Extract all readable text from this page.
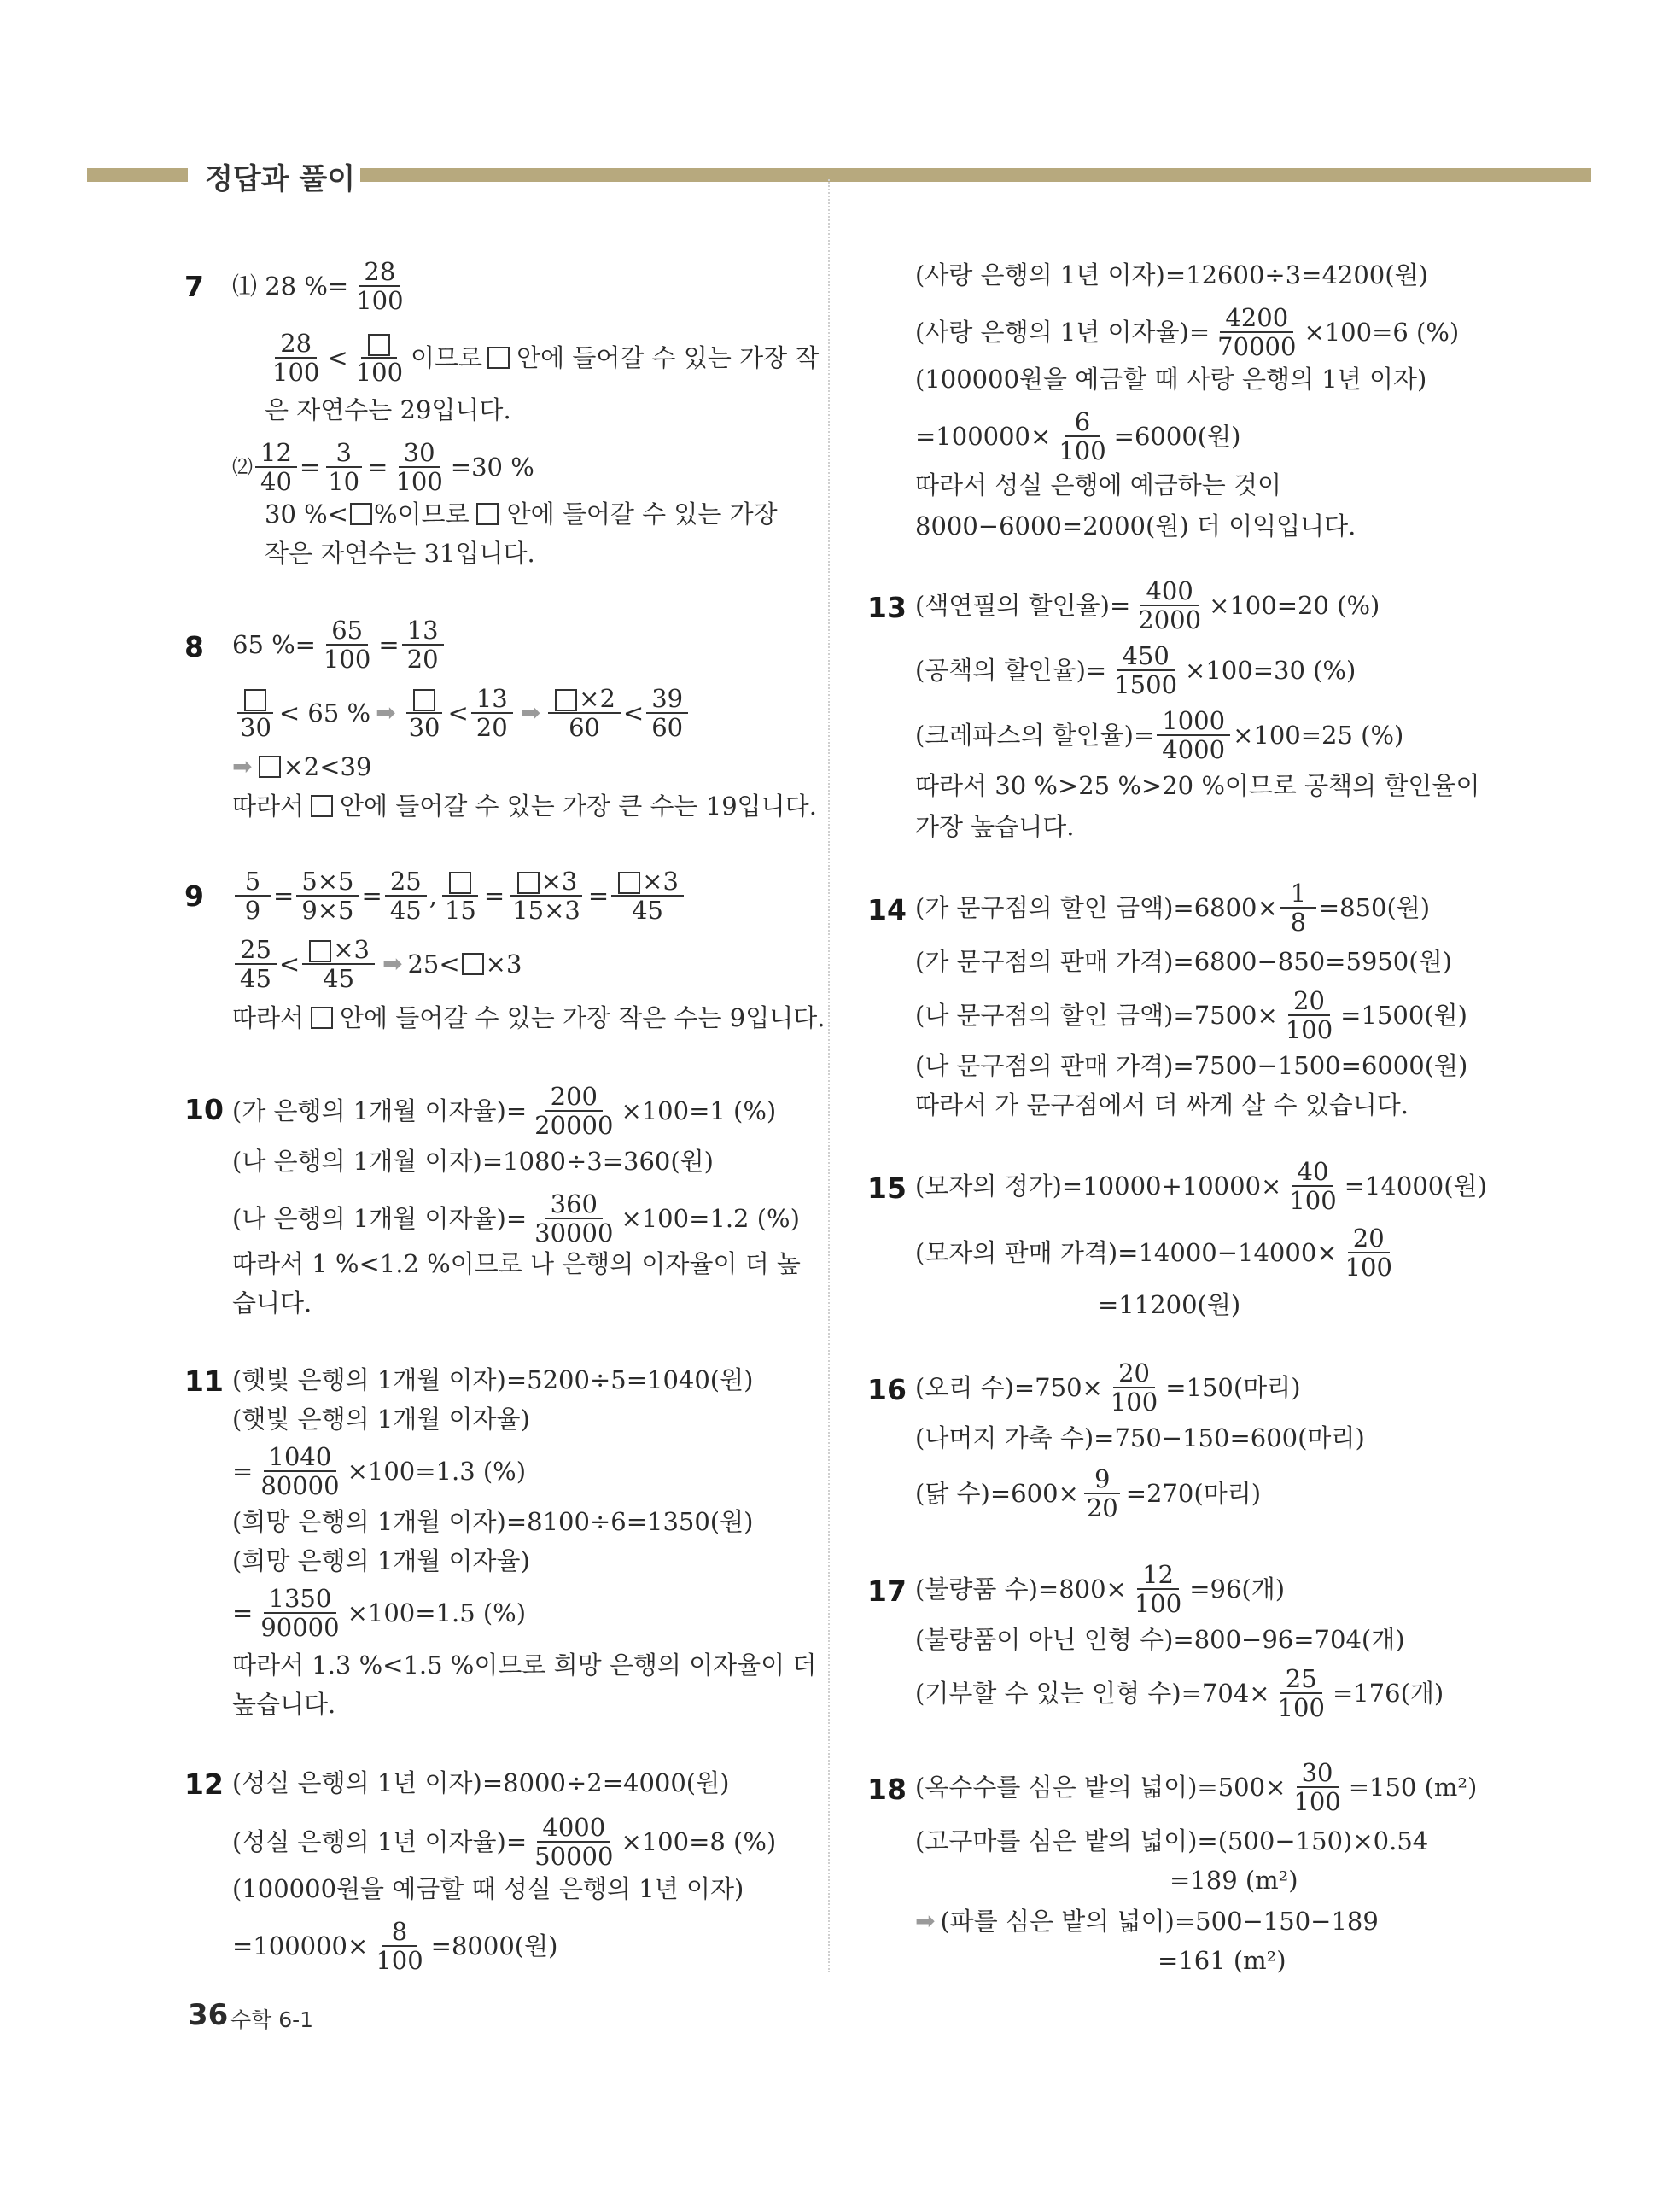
정답과 풀이
7 ⑴ 28 %= $\frac{28}{100}$
$\frac{28}{100} < 100$ 이므로 안에 들어갈 수 있는 가장 작
은 자연수는 29입니다.
⑵ $\frac{12}{40} = \frac{3}{10} = \frac{30}{100} =30$ %
30 %< %이므로 안에 들어갈 수 있는 가장
작은 자연수는 31입니다.
8 65 %= $\frac{65}{100} = \frac{13}{20}$
30 < 65 % ➡
$30 < \frac{13}{20}$ ➡ $\frac{\times 2}{60} < \frac{39}{60}$
➡ ×2<39
따라서 안에 들어갈 수 있는 가장 큰 수는 19입니다.
$9 \frac{5}{9} = \frac{5\times 5}{9\times 5} = \frac{25}{45}$ , $15 = \frac{\times 3}{15\times 3} = \frac{\times 3}{45}$
$\frac{25}{45} < \frac{\times 3}{45}$ ➡ 25< ×3
따라서 안에 들어갈 수 있는 가장 작은 수는 9입니다.
10 (가 은행의 1개월 이자율)= $\frac{200}{20000} \times 100=1$ (%)
(나 은행의 1개월 이자)=1080÷3=360(원)
(나 은행의 1개월 이자율)= $\frac{360}{30000} \times 100=1.2$ (%)
따라서 1 %<1.2 %이므로 나 은행의 이자율이 더 높
습니다.
11 (햇빛 은행의 1개월 이자)=5200÷5=1040(원)
(햇빛 은행의 1개월 이자율)
= $\frac{1040}{80000} \times 100=1.3$ (%)
(희망 은행의 1개월 이자)=8100÷6=1350(원)
(희망 은행의 1개월 이자율)
= $\frac{1350}{90000} \times 100=1.5$ (%)
따라서 1.3 %<1.5 %이므로 희망 은행의 이자율이 더
높습니다.
12 (성실 은행의 1년 이자)=8000÷2=4000(원)
(성실 은행의 1년 이자율)= $\frac{4000}{50000} \times 100=8$ (%)
(100000원을 예금할 때 성실 은행의 1년 이자)
$=100000\times \frac{8}{100} =8000$(원)
(사랑 은행의 1년 이자)=12600÷3=4200(원)
(사랑 은행의 1년 이자율)= $\frac{4200}{70000} \times 100=6$ (%)
(100000원을 예금할 때 사랑 은행의 1년 이자)
$=100000\times \frac{6}{100} =6000$(원)
따라서 성실 은행에 예금하는 것이
8000−6000=2000(원) 더 이익입니다.
13 (색연필의 할인율)= $\frac{400}{2000} \times 100=20$ (%)
(공책의 할인율)= $\frac{450}{1500} \times 100=30$ (%)
(크레파스의 할인율)= $\frac{1000}{4000} \times 100=25$ (%)
따라서 30 %>25 %>20 %이므로 공책의 할인율이
가장 높습니다.
14 (가 문구점의 할인 금액)$=6800\times \frac{1}{8} =850$(원)
(가 문구점의 판매 가격)=6800−850=5950(원)
(나 문구점의 할인 금액)$=7500\times \frac{20}{100} =1500$(원)
(나 문구점의 판매 가격)=7500−1500=6000(원)
따라서 가 문구점에서 더 싸게 살 수 있습니다.
15 (모자의 정가)$=10000+10000\times \frac{40}{100} =14000$(원)
(모자의 판매 가격)$=14000-14000\times \frac{20}{100}$
=11200(원)
16 (오리 수)$=750\times \frac{20}{100} =150$(마리)
(나머지 가축 수)=750−150=600(마리)
(닭 수)$=600\times \frac{9}{20} =270$(마리)
17 (불량품 수)$=800\times \frac{12}{100} =96$(개)
(불량품이 아닌 인형 수)=800−96=704(개)
(기부할 수 있는 인형 수)$=704\times \frac{25}{100} =176$(개)
18 (옥수수를 심은 밭의 넓이)$=500\times \frac{30}{100} =150$ (m²)
(고구마를 심은 밭의 넓이)=(500−150)×0.54
=189 (m²)
➡ (파를 심은 밭의 넓이)=500−150−189
=161 (m²)
36 수학 6-1
